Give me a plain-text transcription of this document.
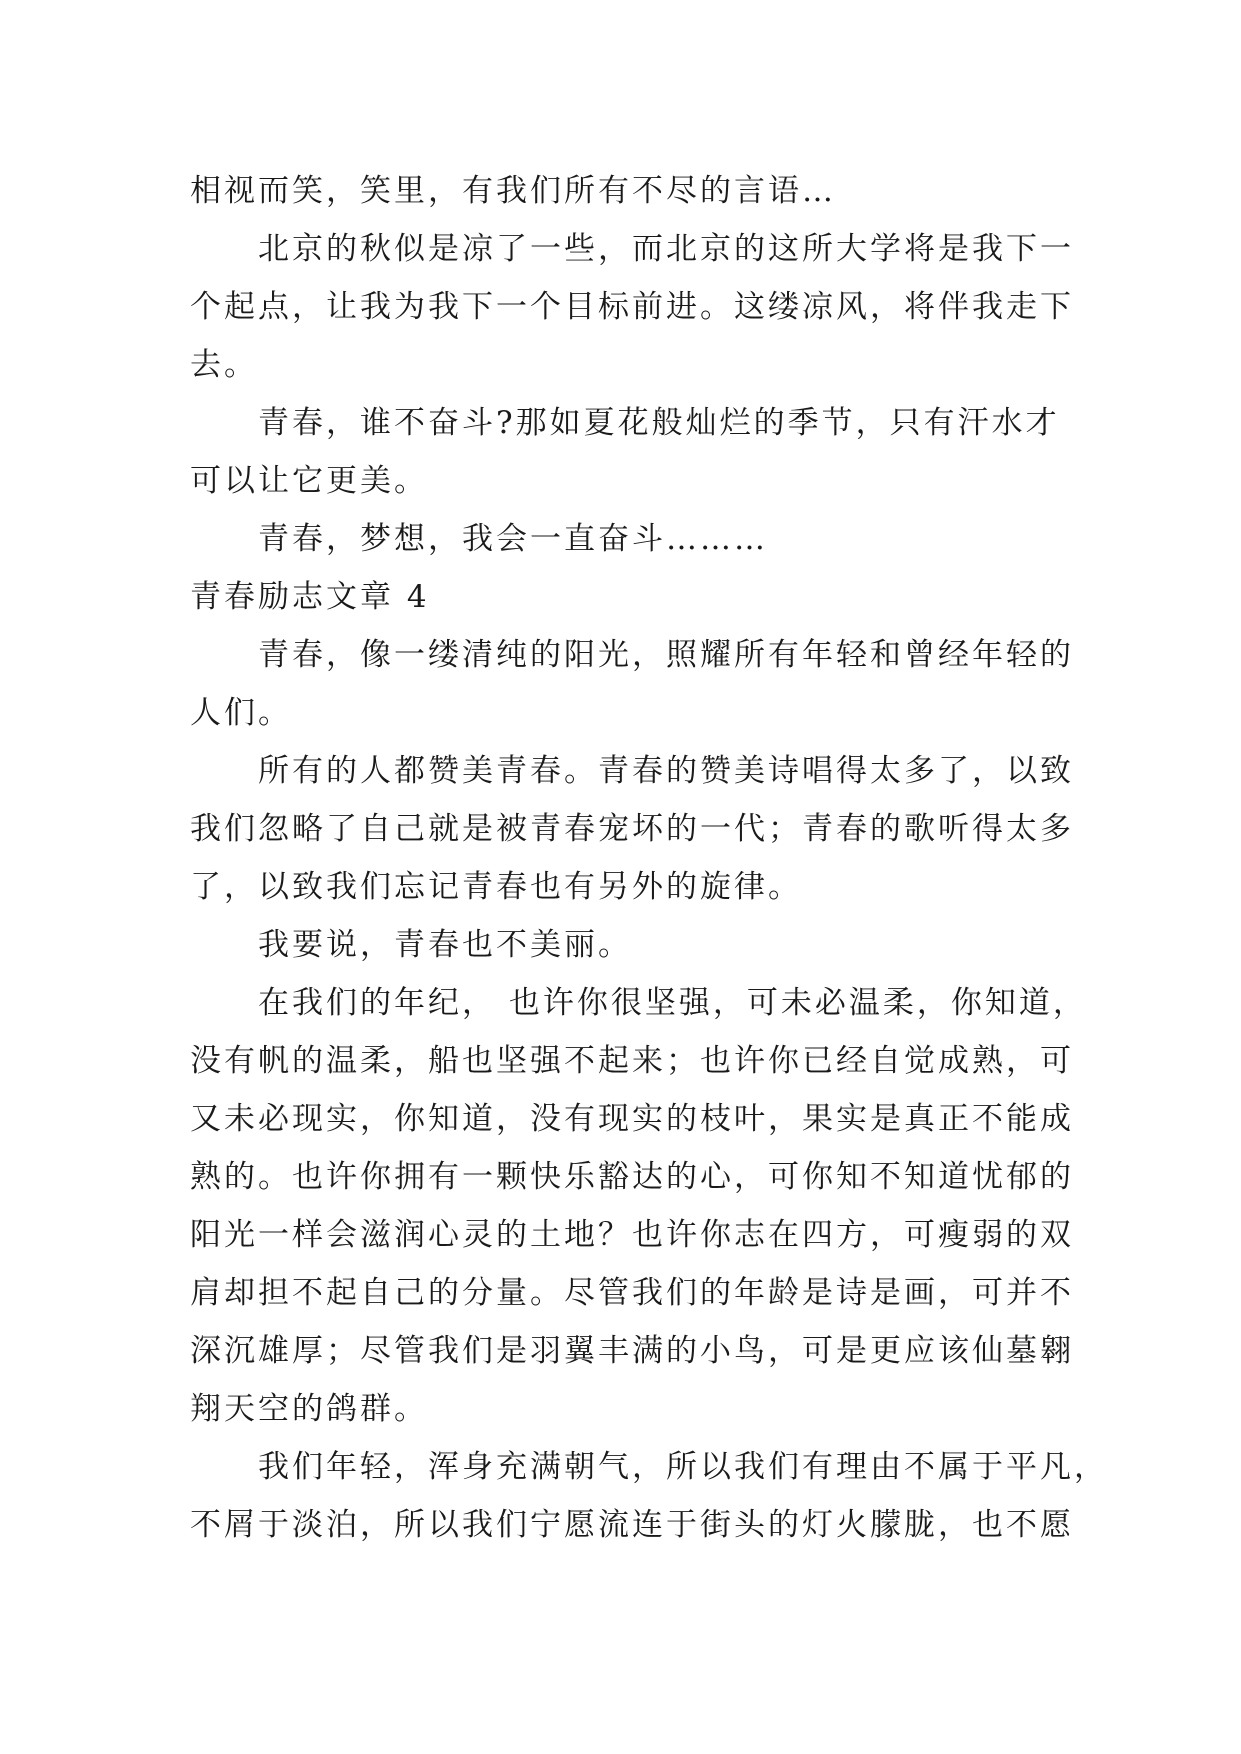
相视而笑，笑里，有我们所有不尽的言语…
北京的秋似是凉了一些，而北京的这所大学将是我下一
个起点，让我为我下一个目标前进。这缕凉风，将伴我走下
去。
青春，谁不奋斗?那如夏花般灿烂的季节，只有汗水才
可以让它更美。
青春，梦想，我会一直奋斗………
青春励志文章 4
青春，像一缕清纯的阳光，照耀所有年轻和曾经年轻的
人们。
所有的人都赞美青春。青春的赞美诗唱得太多了，以致
我们忽略了自己就是被青春宠坏的一代；青春的歌听得太多
了，以致我们忘记青春也有另外的旋律。
我要说，青春也不美丽。
在我们的年纪， 也许你很坚强，可未必温柔，你知道，
没有帆的温柔，船也坚强不起来；也许你已经自觉成熟，可
又未必现实，你知道，没有现实的枝叶，果实是真正不能成
熟的。也许你拥有一颗快乐豁达的心，可你知不知道忧郁的
阳光一样会滋润心灵的土地？也许你志在四方，可瘦弱的双
肩却担不起自己的分量。尽管我们的年龄是诗是画，可并不
深沉雄厚；尽管我们是羽翼丰满的小鸟，可是更应该仙墓翱
翔天空的鸽群。
我们年轻，浑身充满朝气，所以我们有理由不属于平凡，
不屑于淡泊，所以我们宁愿流连于街头的灯火朦胧，也不愿
